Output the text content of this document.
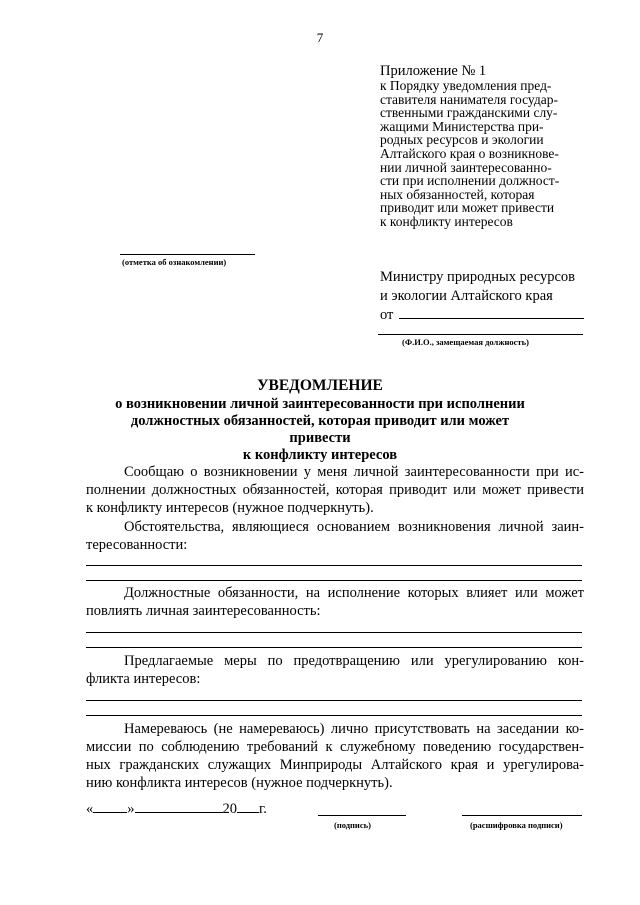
7
Приложение № 1
к Порядку уведомления пред-
ставителя нанимателя государ-
ственными гражданскими слу-
жащими Министерства при-
родных ресурсов и экологии
Алтайского края о возникнове-
нии личной заинтересованно-
сти при исполнении должност-
ных обязанностей, которая
приводит или может привести
к конфликту интересов
(отметка об ознакомлении)
Министру природных ресурсов
и экологии Алтайского края
от
(Ф.И.О., замещаемая должность)
УВЕДОМЛЕНИЕ
о возникновении личной заинтересованности при исполнении
должностных обязанностей, которая приводит или может привести
к конфликту интересов
Сообщаю о возникновении у меня личной заинтересованности при ис-
полнении должностных обязанностей, которая приводит или может привести
к конфликту интересов (нужное подчеркнуть).
Обстоятельства, являющиеся основанием возникновения личной заин-
тересованности:
Должностные обязанности, на исполнение которых влияет или может
повлиять личная заинтересованность:
Предлагаемые меры по предотвращению или урегулированию кон-
фликта интересов:
Намереваюсь (не намереваюсь) лично присутствовать на заседании ко-
миссии по соблюдению требований к служебному поведению государствен-
ных гражданских служащих Минприроды Алтайского края и урегулирова-
нию конфликта интересов (нужное подчеркнуть).
« »	20 г.
(подпись)	(расшифровка подписи)
